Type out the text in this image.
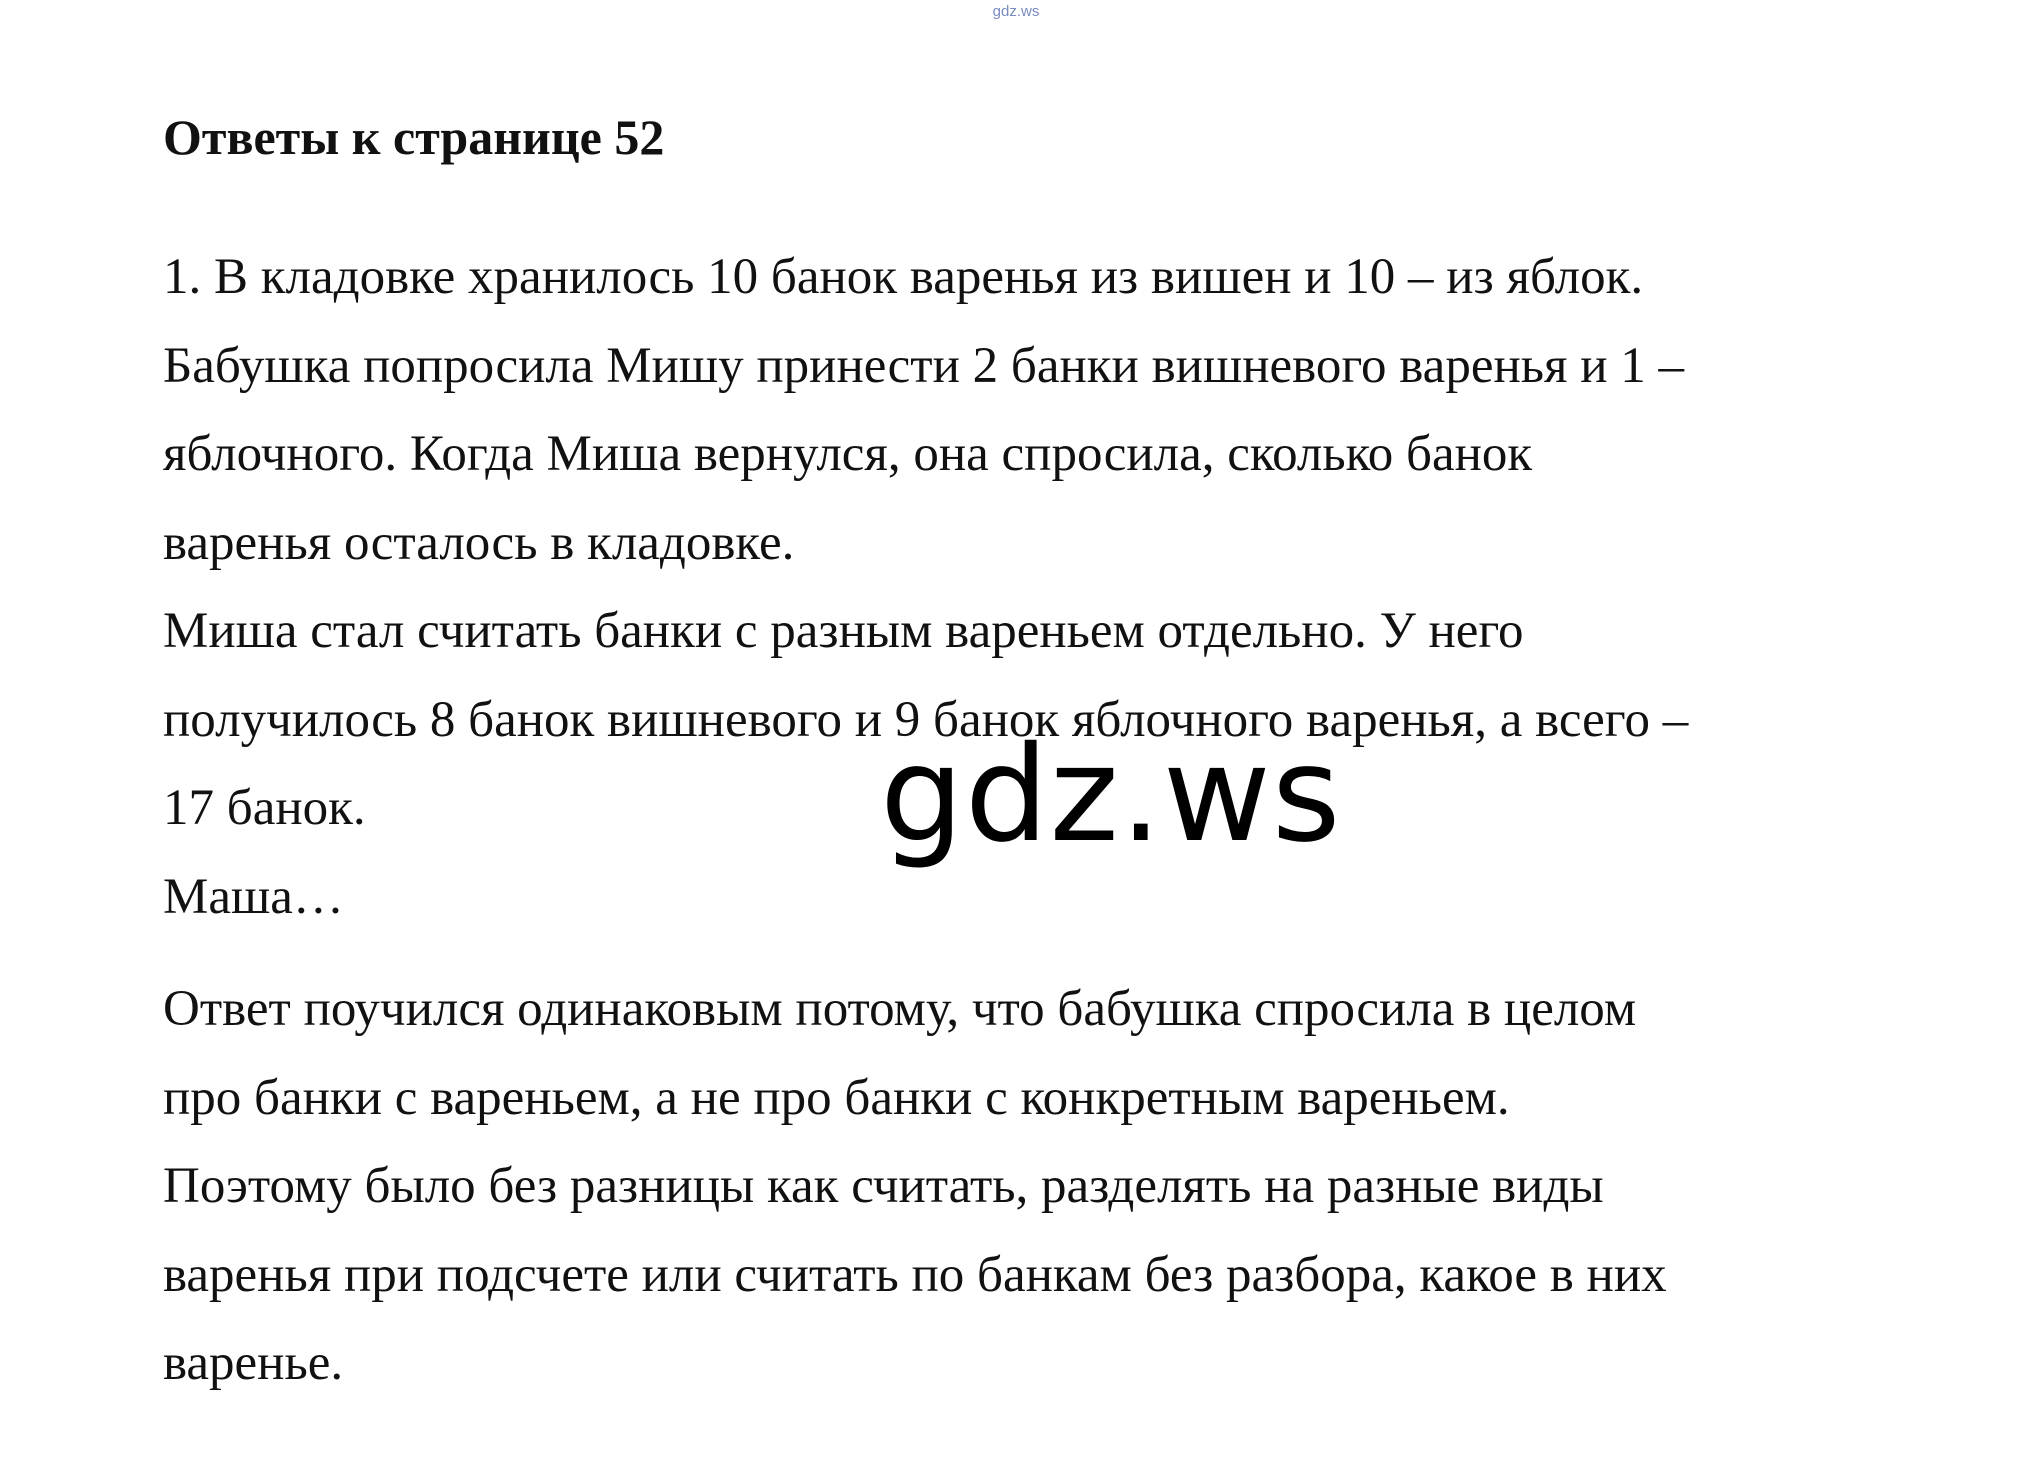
gdz.ws
Ответы к странице 52
1. В кладовке хранилось 10 банок варенья из вишен и 10 – из яблок.
Бабушка попросила Мишу принести 2 банки вишневого варенья и 1 –
яблочного. Когда Миша вернулся, она спросила, сколько банок
варенья осталось в кладовке.
Миша стал считать банки с разным вареньем отдельно. У него
получилось 8 банок вишневого и 9 банок яблочного варенья, а всего –
17 банок.
Маша…
Ответ поучился одинаковым потому, что бабушка спросила в целом
про банки с вареньем, а не про банки с конкретным вареньем.
Поэтому было без разницы как считать, разделять на разные виды
варенья при подсчете или считать по банкам без разбора, какое в них
варенье.
gdz.ws
